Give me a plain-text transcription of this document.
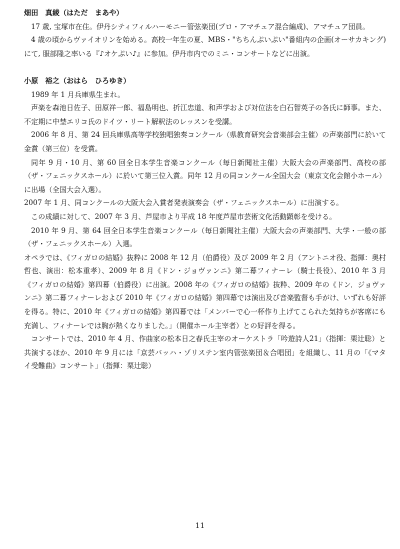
畑田　真綾（はただ　まあや）

17 歳, 宝塚市在住。伊丹シティフィルハーモニー管弦楽団(プロ・アマチュア混合編成)、アマチュア団員。

4 歳の頃からヴァイオリンを始める。高校一年生の夏、MBS・"ちちんぷいぷい"番組内の企画(オーサカキング)にて, 服部隆之率いる『♪オケぷい♪』に参加。伊丹市内でのミニ・コンサートなどに出演。

小原　裕之（おはら　ひろゆき）

1989 年 1 月兵庫県生まれ。

声楽を森池日佐子、田原祥一郎、福島明也、折江忠道、和声学および対位法を白石智英子の各氏に師事。また、不定期に中埜エリコ氏のドイツ・リート解釈法のレッスンを受講。

2006 年 8 月、第 24 回兵庫県高等学校独唱独奏コンクール（県教育研究会音楽部会主催）の声楽部門に於いて金賞（第三位）を受賞。

同年 9 月・10 月、第 60 回全日本学生音楽コンクール（毎日新聞社主催）大阪大会の声楽部門、高校の部（ザ・フェニックスホール）に於いて第三位入賞。同年 12 月の同コンクール全国大会（東京文化会館小ホール）に出場（全国大会入選）。

2007 年 1 月、同コンクールの大阪大会入賞者発表演奏会（ザ・フェニックスホール）に出演する。

この成績に対して、2007 年 3 月、芦屋市より平成 18 年度芦屋市芸術文化活動顕彰を受ける。

2010 年 9 月、第 64 回全日本学生音楽コンクール（毎日新聞社主催）大阪大会の声楽部門、大学・一般の部（ザ・フェニックスホール）入選。

オペラでは、《フィガロの結婚》抜粋に 2008 年 12 月（伯爵役）及び 2009 年 2 月（アントニオ役、指揮：奥村哲也、演出：松本重孝）、2009 年 8 月《ドン・ジョヴァンニ》第二幕フィナーレ（騎士長役）、2010 年 3 月《フィガロの結婚》第四幕（伯爵役）に出演。2008 年の《フィガロの結婚》抜粋、2009 年の《ドン．ジョヴァンニ》第二幕フィナーレおよび 2010 年《フィガロの結婚》第四幕では演出及び音楽監督も手がけ、いずれも好評を得る。特に、2010 年《フィガロの結婚》第四幕では「メンバーで心一杯作り上げてこられた気持ちが客席にも充満し、フィナーレでは胸が熱くなりました。」（開催ホール主宰者）との好評を得る。

コンサートでは、2010 年 4 月、作曲家の松本日之春氏主宰のオーケストラ「吟遊詩人21」（指揮：栗辻聡）と共演するほか、2010 年 9 月には「京芸バッハ・ゾリステン室内管弦楽団＆合唱団」を組織し、11 月の「《マタイ受難曲》コンサート」（指揮：栗辻聡）

11
